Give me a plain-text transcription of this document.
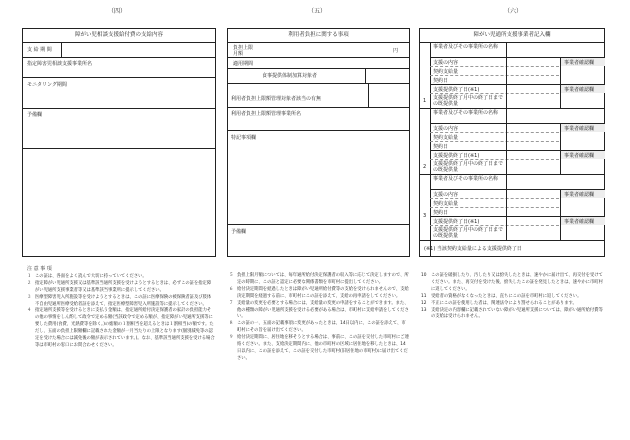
（四）	（五）	（六）
障がい児相談支援給付費の支給内容
支 給 期 間
指定障害児相談支援事業所名
モニタリング期間
予備欄
利用者負担に関する事項
負担上限
月額	円
適用期間
食事提供体制加算対象者
利用者負担上限額管理対象者該当の有無
利用者負担上限額管理事業所名
特記事項欄
予備欄
障がい児通所支援事業者記入欄
1
事業者及びその事業所の名称
支援の内容	事業者確認欄
契約支給量
契約日
支援提供終了日(※1)	事業者確認欄
支援提供終了月中の終了日までの既提供量
2
事業者及びその事業所の名称
支援の内容	事業者確認欄
契約支給量
契約日
支援提供終了日(※1)	事業者確認欄
支援提供終了月中の終了日までの既提供量
3
事業者及びその事業所の名称
支援の内容	事業者確認欄
契約支給量
契約日
支援提供終了日(※1)	事業者確認欄
支援提供終了月中の終了日までの既提供量
(※1) 当該契約支給量による支援提供終了日
注 意 事 項
１ この証は、各面をよく読んで大切に持っていてください。
２ 指定障がい児通所支援又は基準該当通所支援を受けようとするときは、必ずこの証を指定障がい児通所支援事業者等又は基準該当事業所に提示してください。
３ 医療型障害児入所施設等を受けようとするときは、この証に医療保険の被保険者証及び肢体不自由児通所医療受給者証を添えて、指定医療型障害児入所施設等に提示してください。
４ 指定通所支援等を受けるときに支払う金額は、指定通所給付決定保護者の家計の負担能力その他の事情をしん酌して政令で定める額(当該政令で定める額が、指定障がい児通所支援等に要した費用(食費、光熱費等を除く。)の総額の１割相当を超えるときは１割相当)の額です。ただし、五面の負担上限額欄に記載された金額が一月当たりの上限となります(個別減免等の認定を受けた場合には減免後の額が表示されています。)。なお、基準該当通所支援を受ける場合等は市町村の窓口にお問合わせください。
５ 負担上限月額については、毎年通所給付決定保護者の収入等に応じて決定しますので、所定の時期に、この証と認定に必要な関係書類を市町村に提出してください。
６ 給付決定期間を経過したときは障がい児通所給付費等の支給を受けられませんので、支給決定期間を経過する前に、市町村にこの証を添えて、支給の再申請をしてください。
７ 支給量の変更を必要とする場合には、支給量の変更の申請をすることができます。また、他の種類の障がい児通所支援を受ける必要がある場合は、市町村に支給申請をしてください。
８ この証の一、五面の記載事項に変更があったときは、14日以内に、この証を添えて、市町村にその旨を届け出てください。
９ 給付決定期間に、居住地を移そうとする場合は、事前に、この証を交付した市町村にご連絡ください。また、支給決定期間内に、他の市町村の区域に居住地を移したときは、14日以内に、この証を添えて、この証を交付した市町村(旧居住地の市町村)に届け出てください。
10 この証を破損したり、汚したり又は紛失したときは、速やかに届け出て、再交付を受けてください。また、再交付を受けた後、紛失したこの証を発見したときは、速やかに市町村に返してください。
11 受給者の資格がなくなったときは、直ちにこの証を市町村に返してください。
12 不正にこの証を使用した者は、関連法令により罰せられることがあります。
13 支給決定の内容欄に記載されていない障がい児通所支援については、障がい通所給付費等の支給は受けられません。
